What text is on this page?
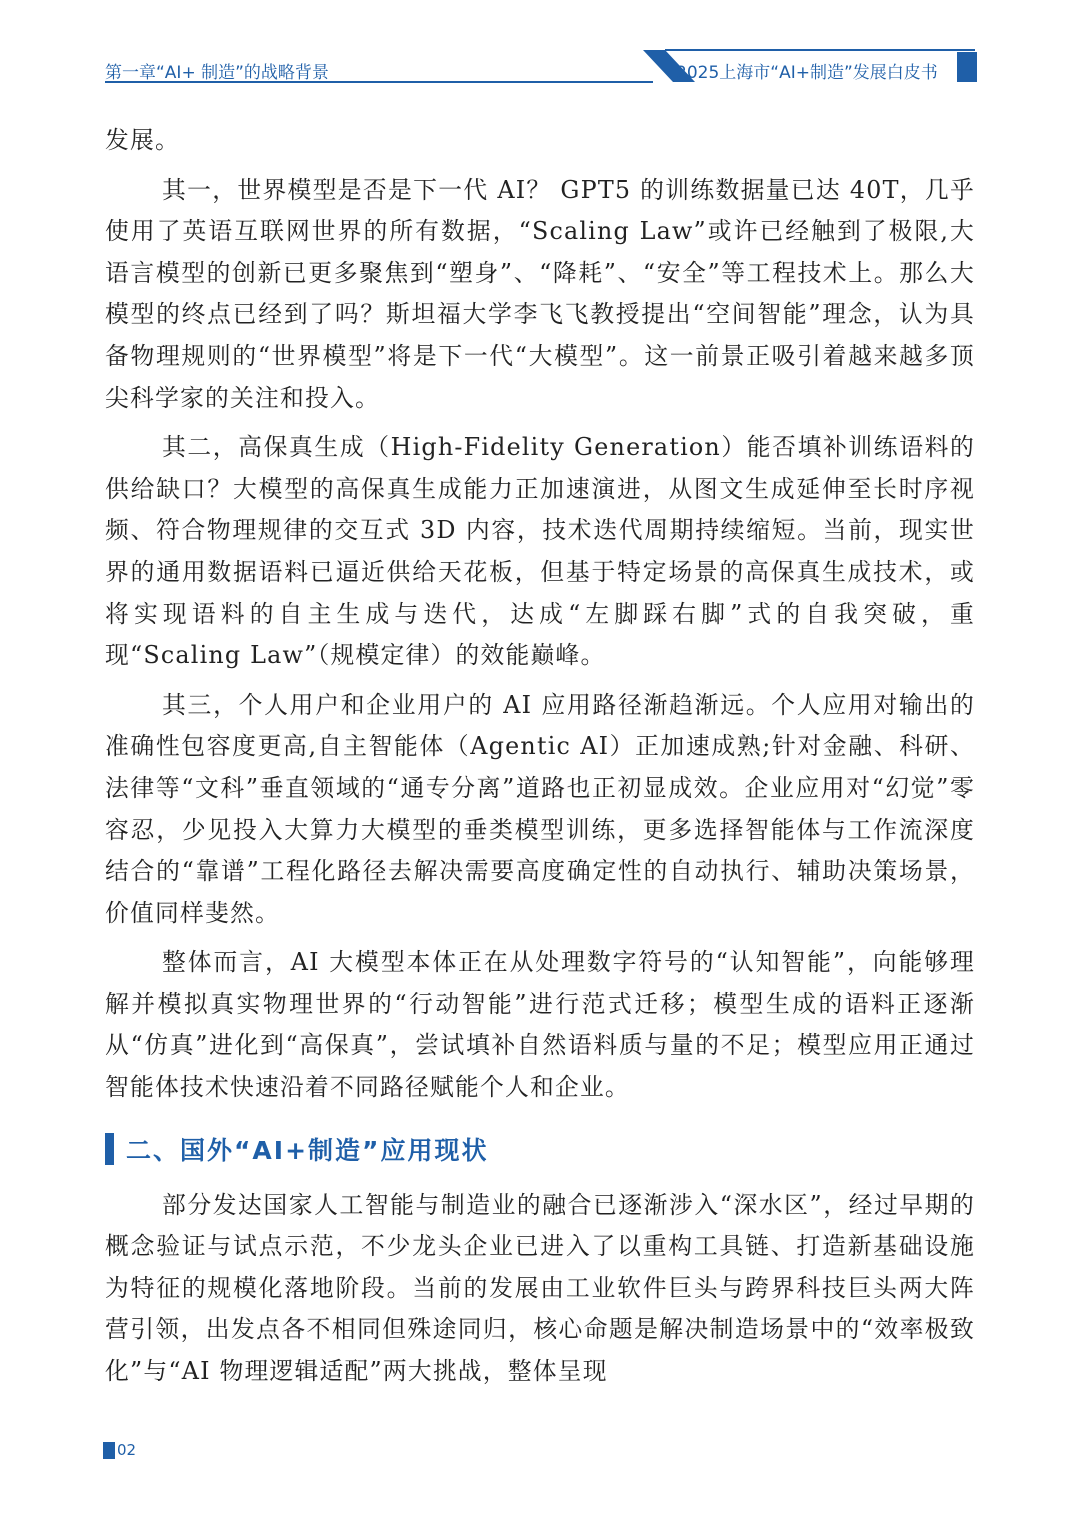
第一章“AI+ 制造”的战略背景	2025上海市“AI+制造”发展白皮书

发展。

其一，世界模型是否是下一代 AI？ GPT5 的训练数据量已达 40T，几乎使用了英语互联网世界的所有数据，“Scaling Law”或许已经触到了极限,大语言模型的创新已更多聚焦到“塑身”、“降耗”、“安全”等工程技术上。那么大模型的终点已经到了吗？斯坦福大学李飞飞教授提出“空间智能”理念，认为具备物理规则的“世界模型”将是下一代“大模型”。这一前景正吸引着越来越多顶尖科学家的关注和投入。

其二，高保真生成（High-Fidelity Generation）能否填补训练语料的供给缺口？大模型的高保真生成能力正加速演进，从图文生成延伸至长时序视频、符合物理规律的交互式 3D 内容，技术迭代周期持续缩短。当前，现实世界的通用数据语料已逼近供给天花板，但基于特定场景的高保真生成技术，或将实现语料的自主生成与迭代，达成“左脚踩右脚”式的自我突破，重现“Scaling Law”（规模定律）的效能巅峰。

其三，个人用户和企业用户的 AI 应用路径渐趋渐远。个人应用对输出的准确性包容度更高,自主智能体（Agentic AI）正加速成熟;针对金融、科研、法律等“文科”垂直领域的“通专分离”道路也正初显成效。企业应用对“幻觉”零容忍，少见投入大算力大模型的垂类模型训练，更多选择智能体与工作流深度结合的“靠谱”工程化路径去解决需要高度确定性的自动执行、辅助决策场景，价值同样斐然。

整体而言，AI 大模型本体正在从处理数字符号的“认知智能”，向能够理解并模拟真实物理世界的“行动智能”进行范式迁移；模型生成的语料正逐渐从“仿真”进化到“高保真”，尝试填补自然语料质与量的不足；模型应用正通过智能体技术快速沿着不同路径赋能个人和企业。

二、国外“AI+制造”应用现状

部分发达国家人工智能与制造业的融合已逐渐涉入“深水区”，经过早期的概念验证与试点示范，不少龙头企业已进入了以重构工具链、打造新基础设施为特征的规模化落地阶段。当前的发展由工业软件巨头与跨界科技巨头两大阵营引领，出发点各不相同但殊途同归，核心命题是解决制造场景中的“效率极致化”与“AI 物理逻辑适配”两大挑战，整体呈现

02
